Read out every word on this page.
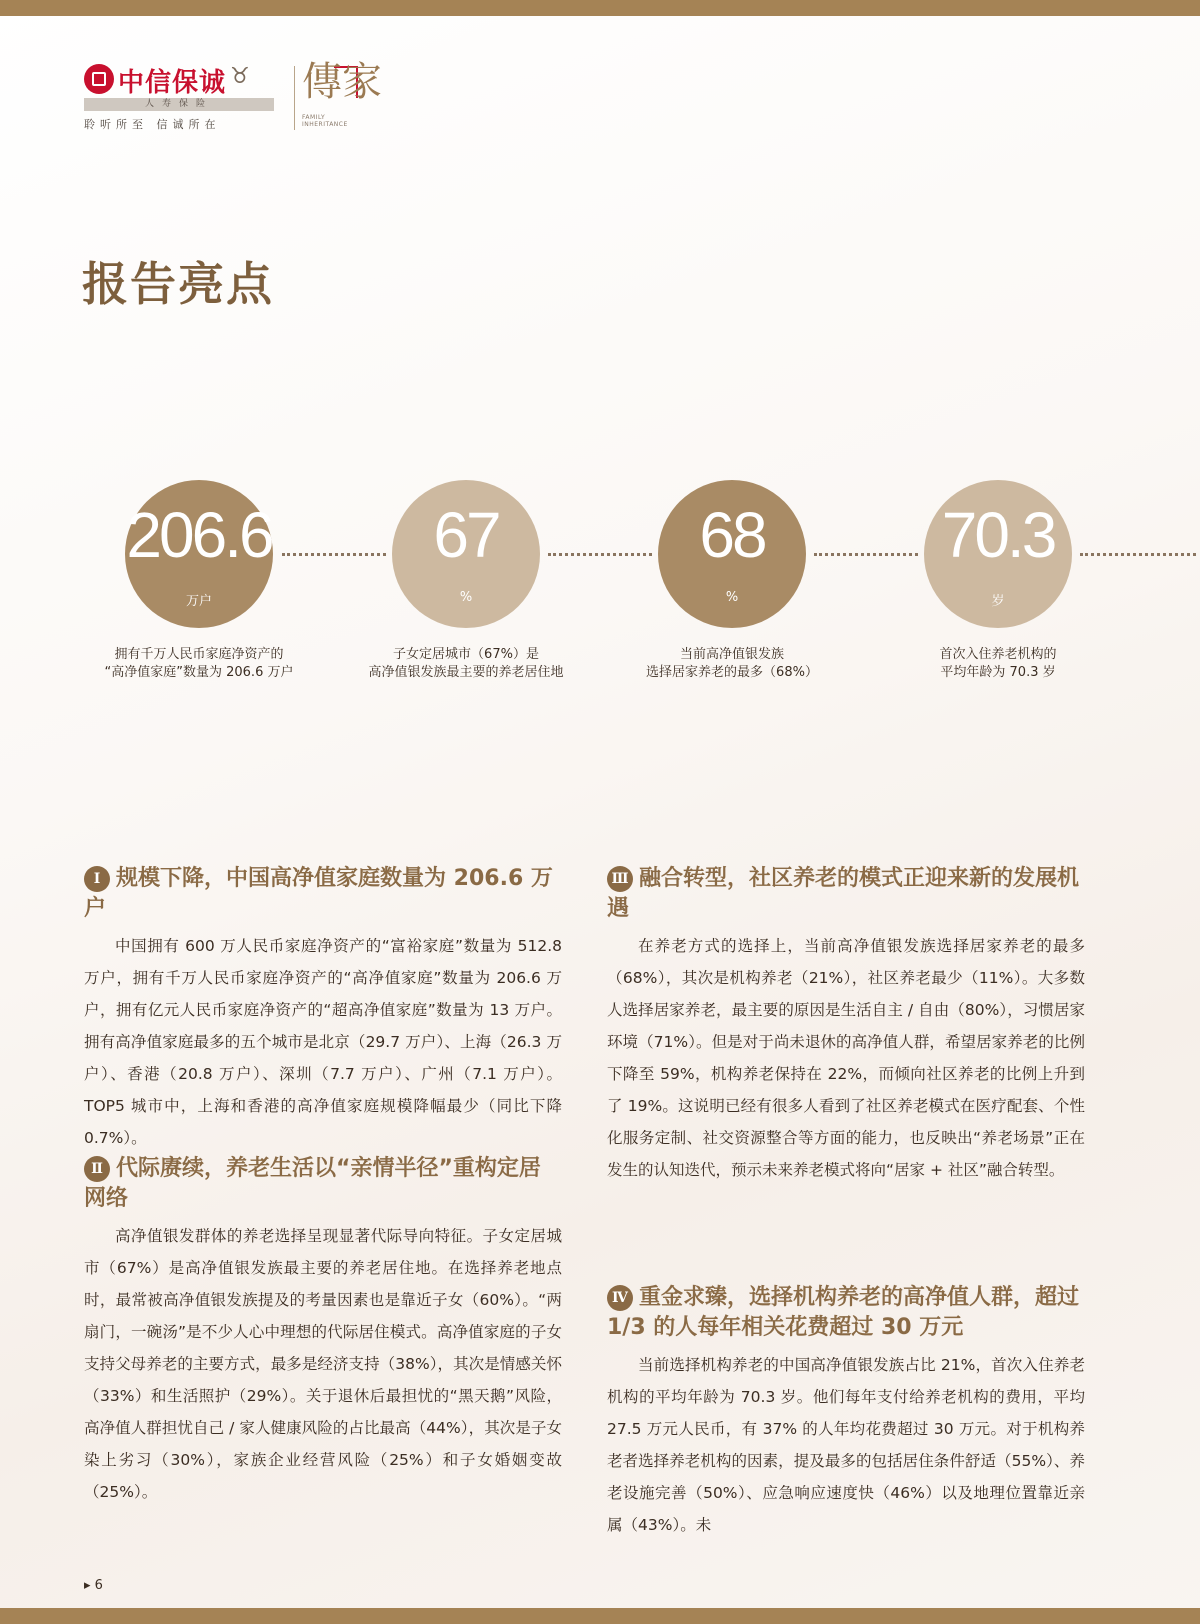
中信保诚 ♉
人寿保险
聆听所至 信诚所在
傳家
FAMILY INHERITANCE
报告亮点
206.6
万户
67
%
68
%
70.3
岁
拥有千万人民币家庭净资产的
“高净值家庭”数量为 206.6 万户
子女定居城市（67%）是
高净值银发族最主要的养老居住地
当前高净值银发族
选择居家养老的最多（68%）
首次入住养老机构的
平均年龄为 70.3 岁
Ⅰ 规模下降，中国高净值家庭数量为 206.6 万户

中国拥有 600 万人民币家庭净资产的“富裕家庭”数量为 512.8 万户，拥有千万人民币家庭净资产的“高净值家庭”数量为 206.6 万户，拥有亿元人民币家庭净资产的“超高净值家庭”数量为 13 万户。拥有高净值家庭最多的五个城市是北京（29.7 万户）、上海（26.3 万户）、香港（20.8 万户）、深圳（7.7 万户）、广州（7.1 万户）。TOP5 城市中，上海和香港的高净值家庭规模降幅最少（同比下降 0.7%）。

Ⅱ 代际赓续，养老生活以“亲情半径”重构定居网络

高净值银发群体的养老选择呈现显著代际导向特征。子女定居城市（67%）是高净值银发族最主要的养老居住地。在选择养老地点时，最常被高净值银发族提及的考量因素也是靠近子女（60%）。“两扇门，一碗汤”是不少人心中理想的代际居住模式。高净值家庭的子女支持父母养老的主要方式，最多是经济支持（38%），其次是情感关怀（33%）和生活照护（29%）。关于退休后最担忧的“黑天鹅”风险，高净值人群担忧自己 / 家人健康风险的占比最高（44%），其次是子女染上劣习（30%），家族企业经营风险（25%）和子女婚姻变故（25%）。

Ⅲ 融合转型，社区养老的模式正迎来新的发展机遇

在养老方式的选择上，当前高净值银发族选择居家养老的最多（68%），其次是机构养老（21%），社区养老最少（11%）。大多数人选择居家养老，最主要的原因是生活自主 / 自由（80%），习惯居家环境（71%）。但是对于尚未退休的高净值人群，希望居家养老的比例下降至 59%，机构养老保持在 22%，而倾向社区养老的比例上升到了 19%。这说明已经有很多人看到了社区养老模式在医疗配套、个性化服务定制、社交资源整合等方面的能力，也反映出“养老场景”正在发生的认知迭代，预示未来养老模式将向“居家 + 社区”融合转型。

Ⅳ 重金求臻，选择机构养老的高净值人群，超过 1/3 的人每年相关花费超过 30 万元

当前选择机构养老的中国高净值银发族占比 21%，首次入住养老机构的平均年龄为 70.3 岁。他们每年支付给养老机构的费用，平均 27.5 万元人民币，有 37% 的人年均花费超过 30 万元。对于机构养老者选择养老机构的因素，提及最多的包括居住条件舒适（55%）、养老设施完善（50%）、应急响应速度快（46%）以及地理位置靠近亲属（43%）。未

▸ 6
